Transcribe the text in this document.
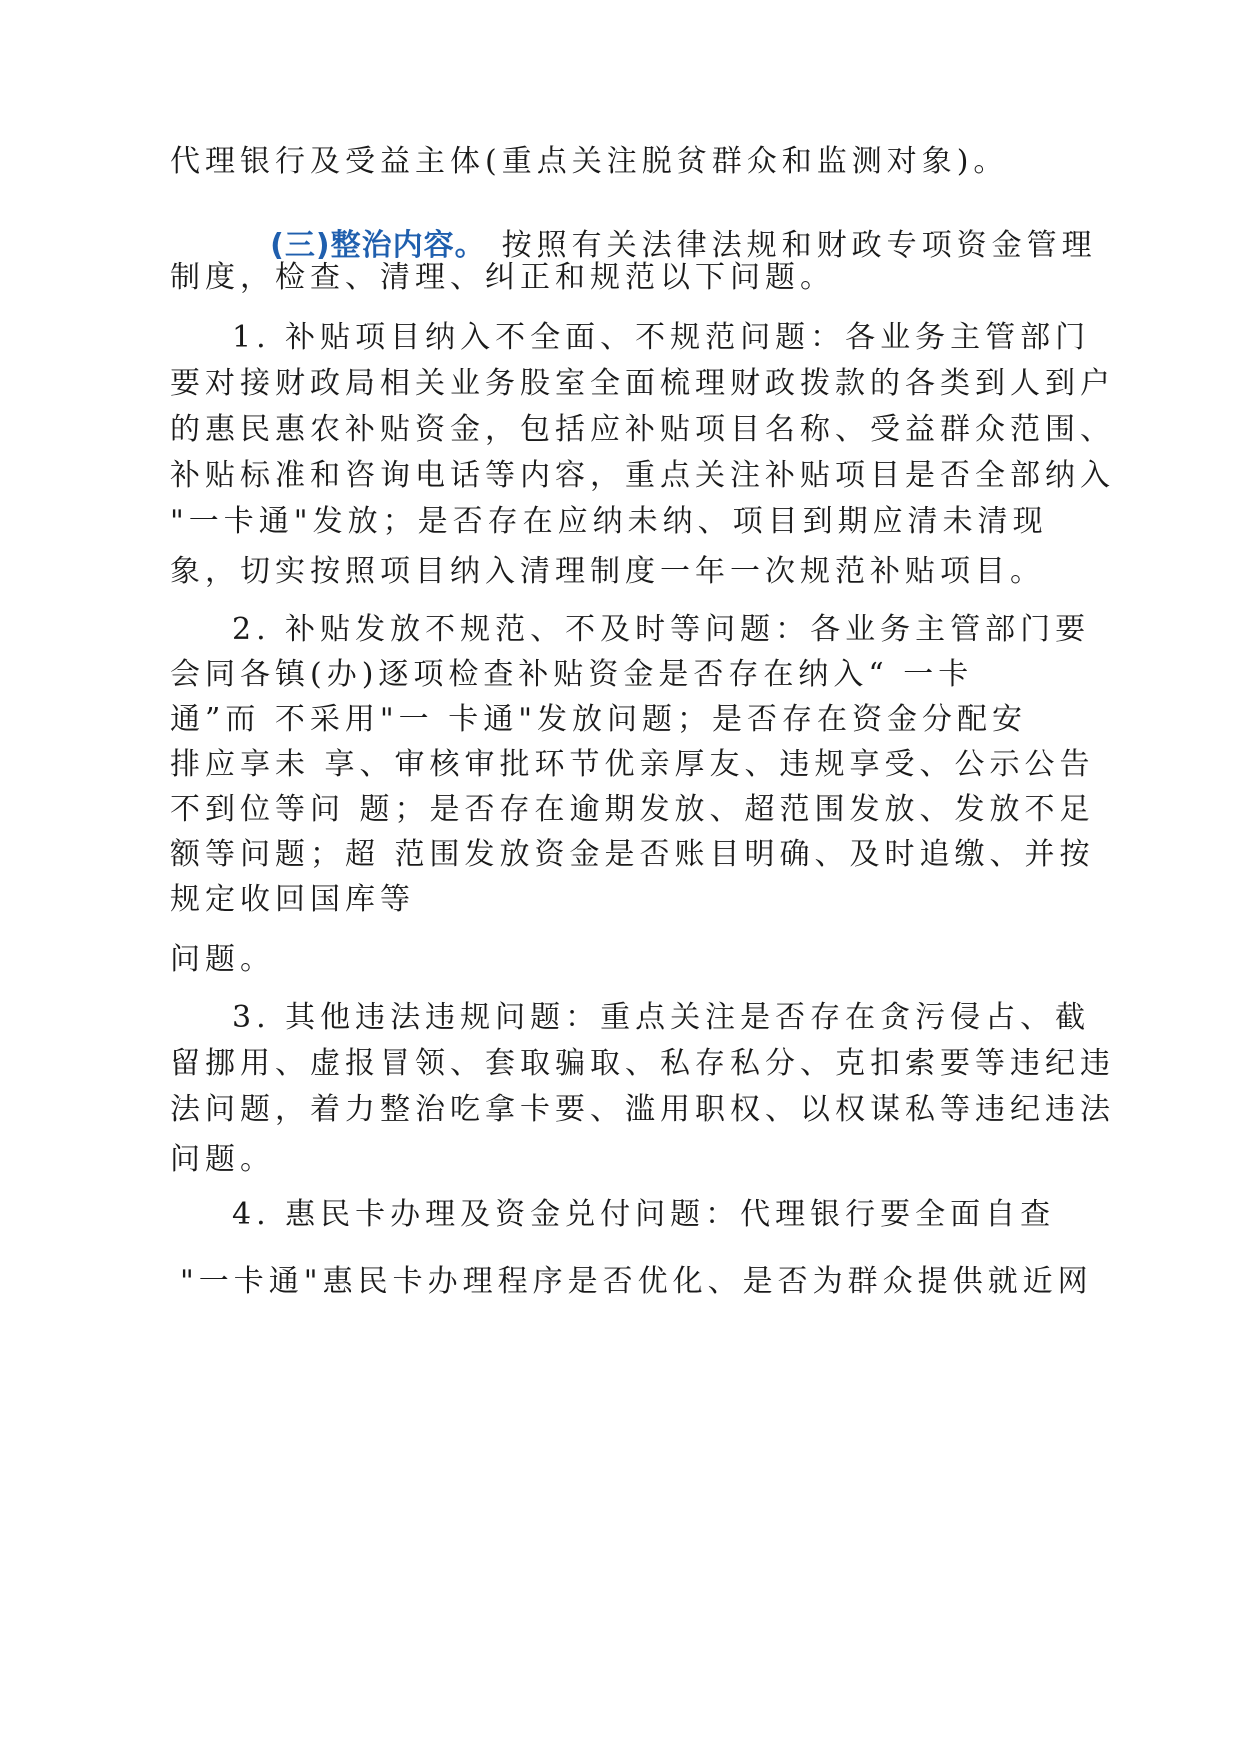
代理银行及受益主体(重点关注脱贫群众和监测对象)。

(三)整治内容。 按照有关法律法规和财政专项资金管理

制度，检查、清理、纠正和规范以下问题。
1. 补贴项目纳入不全面、不规范问题：各业务主管部门
要对接财政局相关业务股室全面梳理财政拨款的各类到人到户
的惠民惠农补贴资金，包括应补贴项目名称、受益群众范围、
补贴标准和咨询电话等内容，重点关注补贴项目是否全部纳入
"一卡通"发放；是否存在应纳未纳、项目到期应清未清现
象，切实按照项目纳入清理制度一年一次规范补贴项目。
2. 补贴发放不规范、不及时等问题：各业务主管部门要
会同各镇(办)逐项检查补贴资金是否存在纳入“ 一卡
通”而 不采用"一 卡通"发放问题；是否存在资金分配安
排应享未 享、审核审批环节优亲厚友、违规享受、公示公告
不到位等问 题；是否存在逾期发放、超范围发放、发放不足
额等问题；超 范围发放资金是否账目明确、及时追缴、并按
规定收回国库等
问题。
3. 其他违法违规问题：重点关注是否存在贪污侵占、截
留挪用、虚报冒领、套取骗取、私存私分、克扣索要等违纪违
法问题，着力整治吃拿卡要、滥用职权、以权谋私等违纪违法
问题。
4. 惠民卡办理及资金兑付问题：代理银行要全面自查
"一卡通"惠民卡办理程序是否优化、是否为群众提供就近网
